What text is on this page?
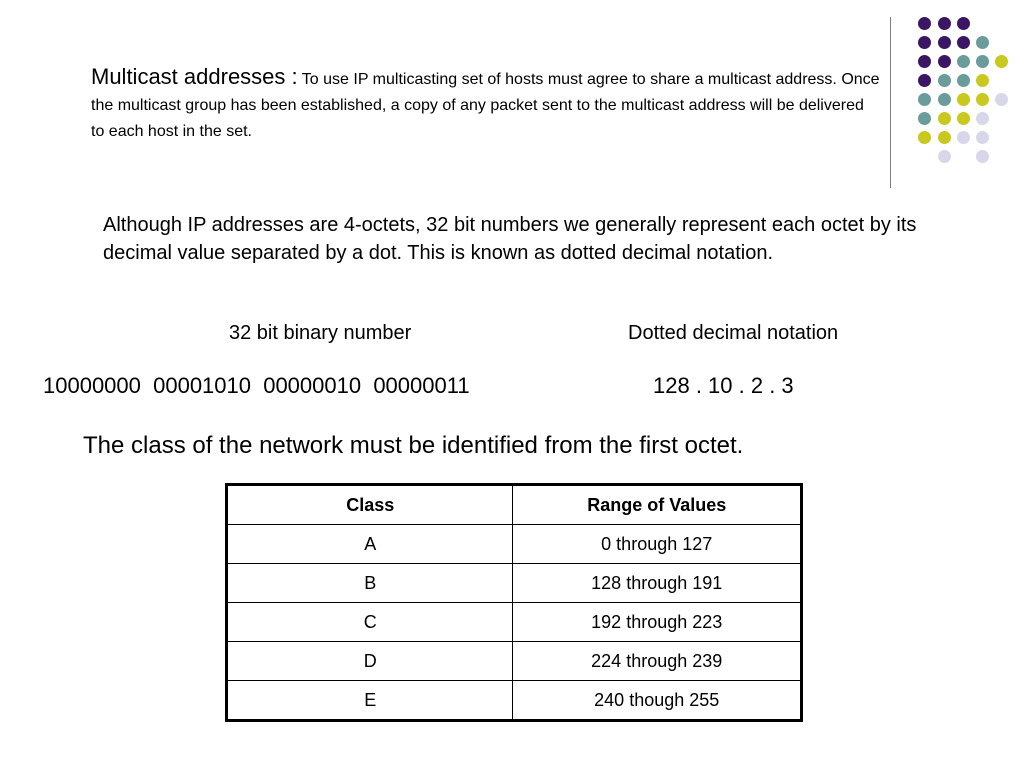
Multicast addresses : To use IP multicasting set of hosts must agree to share a multicast address. Once the multicast group has been established, a copy of any packet sent to the multicast address will be delivered to each host in the set.
Although IP addresses are 4-octets, 32 bit numbers we generally represent each octet by its decimal value separated by a dot. This is known as dotted decimal notation.
32 bit binary number	Dotted decimal notation
10000000  00001010  00000010  00000011	128 . 10 . 2 . 3
The class of the network must be identified from the first octet.
Class	Range of Values
A	0 through 127
B	128 through 191
C	192 through 223
D	224 through 239
E	240 though 255
